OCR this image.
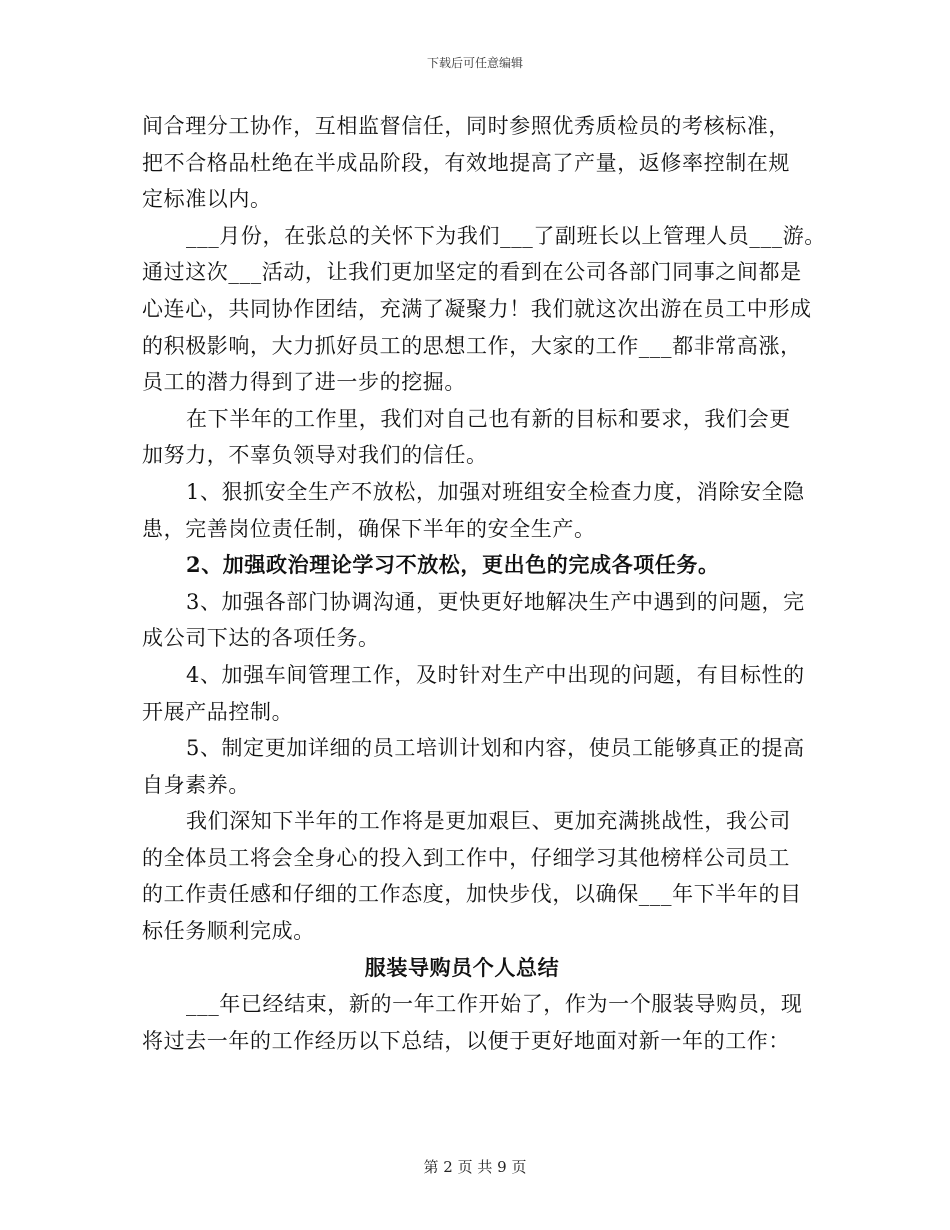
下载后可任意编辑
间合理分工协作，互相监督信任，同时参照优秀质检员的考核标准，
把不合格品杜绝在半成品阶段，有效地提高了产量，返修率控制在规
定标准以内。
___月份，在张总的关怀下为我们___了副班长以上管理人员___游。
通过这次___活动，让我们更加坚定的看到在公司各部门同事之间都是
心连心，共同协作团结，充满了凝聚力！我们就这次出游在员工中形成
的积极影响，大力抓好员工的思想工作，大家的工作___都非常高涨，
员工的潜力得到了进一步的挖掘。
在下半年的工作里，我们对自己也有新的目标和要求，我们会更
加努力，不辜负领导对我们的信任。
1、狠抓安全生产不放松，加强对班组安全检查力度，消除安全隐
患，完善岗位责任制，确保下半年的安全生产。
2、加强政治理论学习不放松，更出色的完成各项任务。
3、加强各部门协调沟通，更快更好地解决生产中遇到的问题，完
成公司下达的各项任务。
4、加强车间管理工作，及时针对生产中出现的问题，有目标性的
开展产品控制。
5、制定更加详细的员工培训计划和内容，使员工能够真正的提高
自身素养。
我们深知下半年的工作将是更加艰巨、更加充满挑战性，我公司
的全体员工将会全身心的投入到工作中，仔细学习其他榜样公司员工
的工作责任感和仔细的工作态度，加快步伐，以确保___年下半年的目
标任务顺利完成。
服装导购员个人总结
___年已经结束，新的一年工作开始了，作为一个服装导购员，现
将过去一年的工作经历以下总结，以便于更好地面对新一年的工作：
第 2 页 共 9 页
